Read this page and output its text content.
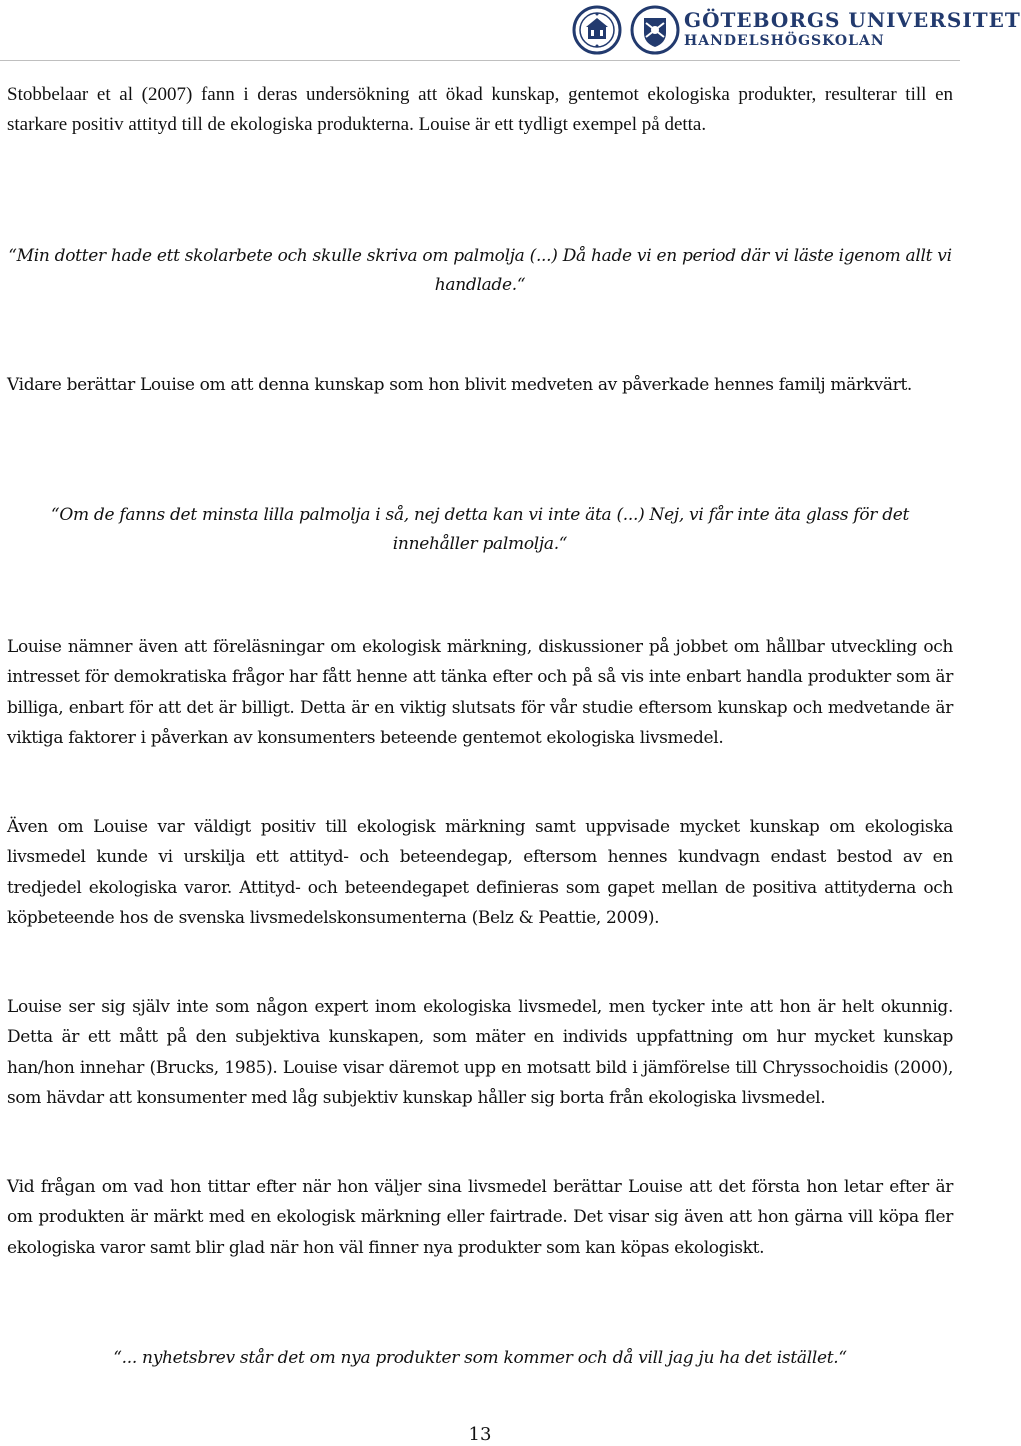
GÖTEBORGS UNIVERSITET
HANDELSHÖGSKOLAN

Stobbelaar et al (2007) fann i deras undersökning att ökad kunskap, gentemot ekologiska produkter, resulterar till en starkare positiv attityd till de ekologiska produkterna. Louise är ett tydligt exempel på detta.

“Min dotter hade ett skolarbete och skulle skriva om palmolja (...) Då hade vi en period där vi läste igenom allt vi handlade.“

Vidare berättar Louise om att denna kunskap som hon blivit medveten av påverkade hennes familj märkvärt.

“Om de fanns det minsta lilla palmolja i så, nej detta kan vi inte äta (...) Nej, vi får inte äta glass för det innehåller palmolja.“

Louise nämner även att föreläsningar om ekologisk märkning, diskussioner på jobbet om hållbar utveckling och intresset för demokratiska frågor har fått henne att tänka efter och på så vis inte enbart handla produkter som är billiga, enbart för att det är billigt. Detta är en viktig slutsats för vår studie eftersom kunskap och medvetande är viktiga faktorer i påverkan av konsumenters beteende gentemot ekologiska livsmedel.

Även om Louise var väldigt positiv till ekologisk märkning samt uppvisade mycket kunskap om ekologiska livsmedel kunde vi urskilja ett attityd- och beteendegap, eftersom hennes kundvagn endast bestod av en tredjedel ekologiska varor. Attityd- och beteendegapet definieras som gapet mellan de positiva attityderna och köpbeteende hos de svenska livsmedelskonsumenterna (Belz & Peattie, 2009).

Louise ser sig själv inte som någon expert inom ekologiska livsmedel, men tycker inte att hon är helt okunnig. Detta är ett mått på den subjektiva kunskapen, som mäter en individs uppfattning om hur mycket kunskap han/hon innehar (Brucks, 1985). Louise visar däremot upp en motsatt bild i jämförelse till Chryssochoidis (2000), som hävdar att konsumenter med låg subjektiv kunskap håller sig borta från ekologiska livsmedel.

Vid frågan om vad hon tittar efter när hon väljer sina livsmedel berättar Louise att det första hon letar efter är om produkten är märkt med en ekologisk märkning eller fairtrade. Det visar sig även att hon gärna vill köpa fler ekologiska varor samt blir glad när hon väl finner nya produkter som kan köpas ekologiskt.

“... nyhetsbrev står det om nya produkter som kommer och då vill jag ju ha det istället.“

13
